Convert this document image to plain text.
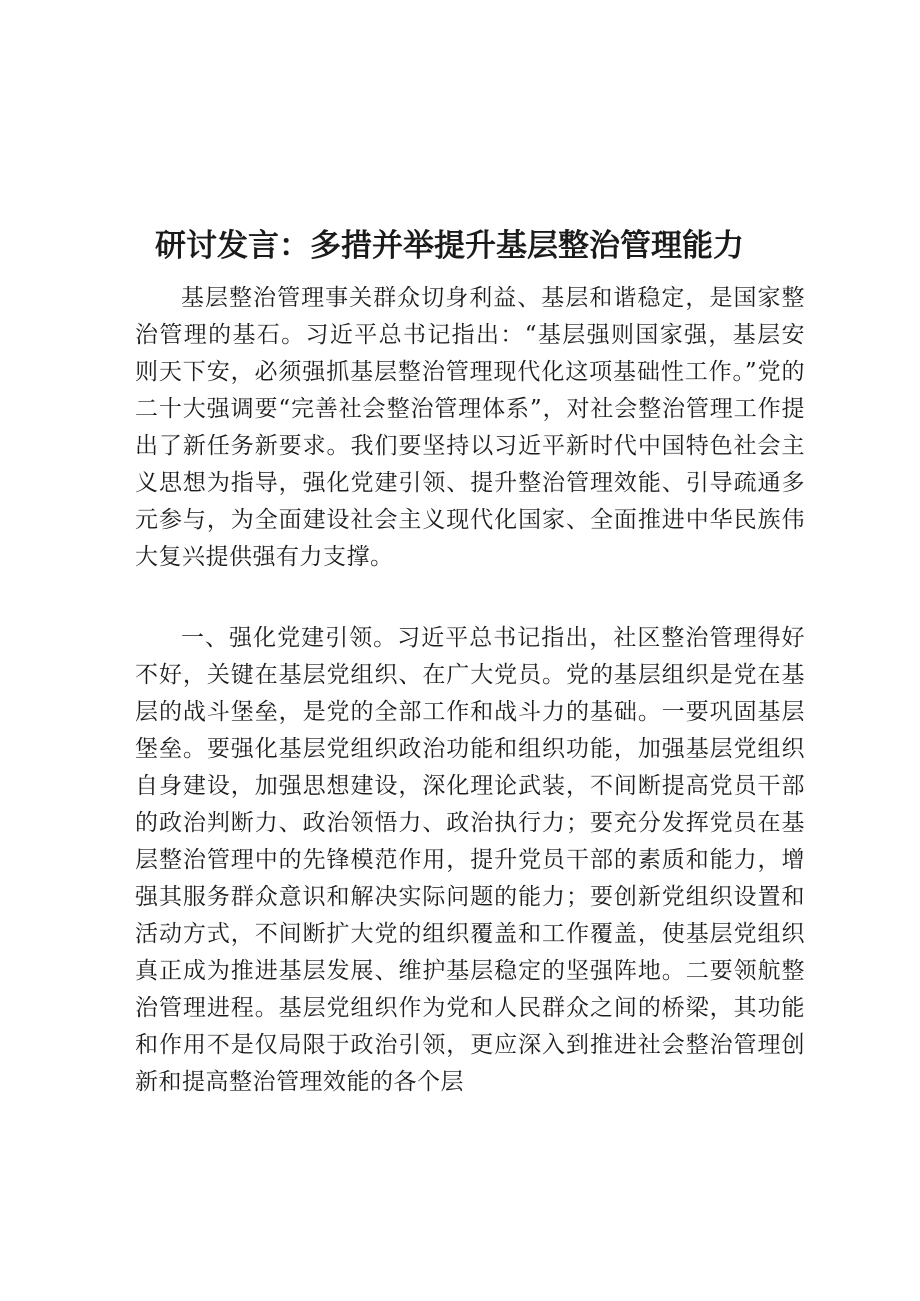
研讨发言：多措并举提升基层整治管理能力

基层整治管理事关群众切身利益、基层和谐稳定，是国家整治管理的基石。习近平总书记指出：“基层强则国家强，基层安则天下安，必须强抓基层整治管理现代化这项基础性工作。”党的二十大强调要“完善社会整治管理体系”，对社会整治管理工作提出了新任务新要求。我们要坚持以习近平新时代中国特色社会主义思想为指导，强化党建引领、提升整治管理效能、引导疏通多元参与，为全面建设社会主义现代化国家、全面推进中华民族伟大复兴提供强有力支撑。

一、强化党建引领。习近平总书记指出，社区整治管理得好不好，关键在基层党组织、在广大党员。党的基层组织是党在基层的战斗堡垒，是党的全部工作和战斗力的基础。一要巩固基层堡垒。要强化基层党组织政治功能和组织功能，加强基层党组织自身建设，加强思想建设，深化理论武装，不间断提高党员干部的政治判断力、政治领悟力、政治执行力；要充分发挥党员在基层整治管理中的先锋模范作用，提升党员干部的素质和能力，增强其服务群众意识和解决实际问题的能力；要创新党组织设置和活动方式，不间断扩大党的组织覆盖和工作覆盖，使基层党组织真正成为推进基层发展、维护基层稳定的坚强阵地。二要领航整治管理进程。基层党组织作为党和人民群众之间的桥梁，其功能和作用不是仅局限于政治引领，更应深入到推进社会整治管理创新和提高整治管理效能的各个层
